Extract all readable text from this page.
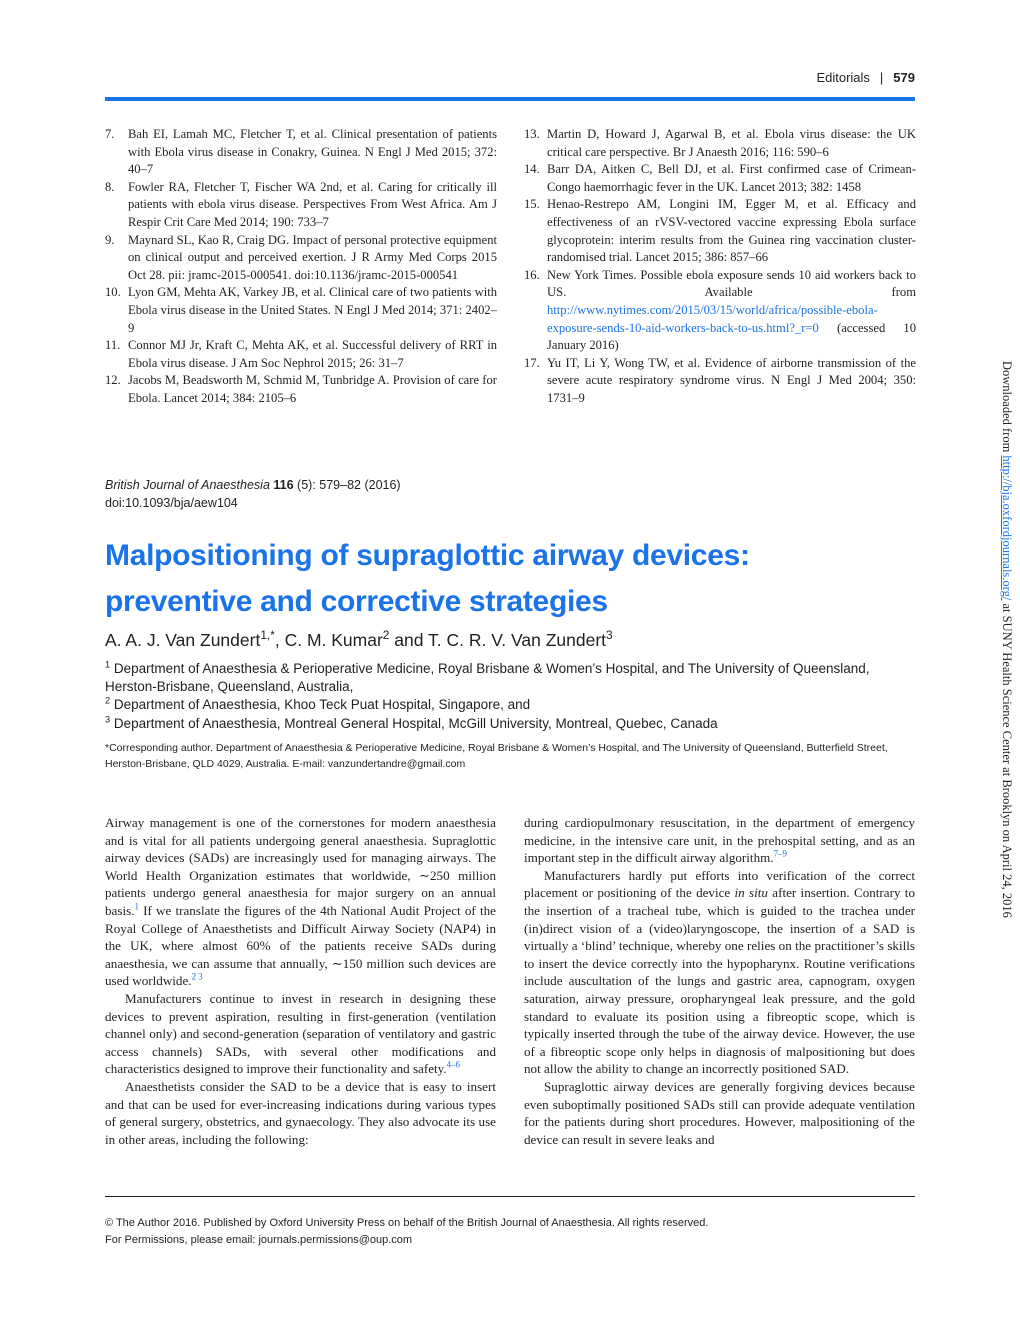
Editorials | 579
7.	Bah EI, Lamah MC, Fletcher T, et al. Clinical presentation of patients with Ebola virus disease in Conakry, Guinea. N Engl J Med 2015; 372: 40–7
8.	Fowler RA, Fletcher T, Fischer WA 2nd, et al. Caring for critically ill patients with ebola virus disease. Perspectives From West Africa. Am J Respir Crit Care Med 2014; 190: 733–7
9.	Maynard SL, Kao R, Craig DG. Impact of personal protective equipment on clinical output and perceived exertion. J R Army Med Corps 2015 Oct 28. pii: jramc-2015-000541. doi:10.1136/jramc-2015-000541
10. Lyon GM, Mehta AK, Varkey JB, et al. Clinical care of two patients with Ebola virus disease in the United States. N Engl J Med 2014; 371: 2402–9
11. Connor MJ Jr, Kraft C, Mehta AK, et al. Successful delivery of RRT in Ebola virus disease. J Am Soc Nephrol 2015; 26: 31–7
12. Jacobs M, Beadsworth M, Schmid M, Tunbridge A. Provision of care for Ebola. Lancet 2014; 384: 2105–6
13. Martin D, Howard J, Agarwal B, et al. Ebola virus disease: the UK critical care perspective. Br J Anaesth 2016; 116: 590–6
14. Barr DA, Aitken C, Bell DJ, et al. First confirmed case of Crimean-Congo haemorrhagic fever in the UK. Lancet 2013; 382: 1458
15. Henao-Restrepo AM, Longini IM, Egger M, et al. Efficacy and effectiveness of an rVSV-vectored vaccine expressing Ebola surface glycoprotein: interim results from the Guinea ring vaccination cluster-randomised trial. Lancet 2015; 386: 857–66
16. New York Times. Possible ebola exposure sends 10 aid workers back to US. Available from http://www.nytimes.com/2015/03/15/world/africa/possible-ebola-exposure-sends-10-aid-workers-back-to-us.html?_r=0 (accessed 10 January 2016)
17. Yu IT, Li Y, Wong TW, et al. Evidence of airborne transmission of the severe acute respiratory syndrome virus. N Engl J Med 2004; 350: 1731–9
British Journal of Anaesthesia 116 (5): 579–82 (2016)
doi:10.1093/bja/aew104
Malpositioning of supraglottic airway devices:
preventive and corrective strategies
A. A. J. Van Zundert$^{1,*}$, C. M. Kumar$^2$ and T. C. R. V. Van Zundert$^3$
$^1$ Department of Anaesthesia & Perioperative Medicine, Royal Brisbane & Women’s Hospital, and The University of Queensland, Herston-Brisbane, Queensland, Australia,
$^2$ Department of Anaesthesia, Khoo Teck Puat Hospital, Singapore, and
$^3$ Department of Anaesthesia, Montreal General Hospital, McGill University, Montreal, Quebec, Canada
*Corresponding author. Department of Anaesthesia & Perioperative Medicine, Royal Brisbane & Women’s Hospital, and The University of Queensland, Butterfield Street, Herston-Brisbane, QLD 4029, Australia. E-mail: vanzundertandre@gmail.com

Airway management is one of the cornerstones for modern anaesthesia and is vital for all patients undergoing general anaesthesia. Supraglottic airway devices (SADs) are increasingly used for managing airways. The World Health Organization estimates that worldwide, ∼250 million patients undergo general anaesthesia for major surgery on an annual basis.$^1$ If we translate the figures of the 4th National Audit Project of the Royal College of Anaesthetists and Difficult Airway Society (NAP4) in the UK, where almost 60% of the patients receive SADs during anaesthesia, we can assume that annually, ∼150 million such devices are used worldwide.$^{2 3}$

Manufacturers continue to invest in research in designing these devices to prevent aspiration, resulting in first-generation (ventilation channel only) and second-generation (separation of ventilatory and gastric access channels) SADs, with several other modifications and characteristics designed to improve their functionality and safety.$^{4-6}$

Anaesthetists consider the SAD to be a device that is easy to insert and that can be used for ever-increasing indications during various types of general surgery, obstetrics, and gynaecology. They also advocate its use in other areas, including the following:

during cardiopulmonary resuscitation, in the department of emergency medicine, in the intensive care unit, in the prehospital setting, and as an important step in the difficult airway algorithm.$^{7-9}$

Manufacturers hardly put efforts into verification of the correct placement or positioning of the device in situ after insertion. Contrary to the insertion of a tracheal tube, which is guided to the trachea under (in)direct vision of a (video)laryngoscope, the insertion of a SAD is virtually a ‘blind’ technique, whereby one relies on the practitioner’s skills to insert the device correctly into the hypopharynx. Routine verifications include auscultation of the lungs and gastric area, capnogram, oxygen saturation, airway pressure, oropharyngeal leak pressure, and the gold standard to evaluate its position using a fibreoptic scope, which is typically inserted through the tube of the airway device. However, the use of a fibreoptic scope only helps in diagnosis of malpositioning but does not allow the ability to change an incorrectly positioned SAD.

Supraglottic airway devices are generally forgiving devices because even suboptimally positioned SADs still can provide adequate ventilation for the patients during short procedures. However, malpositioning of the device can result in severe leaks and

© The Author 2016. Published by Oxford University Press on behalf of the British Journal of Anaesthesia. All rights reserved.
For Permissions, please email: journals.permissions@oup.com
Downloaded from http://bja.oxfordjournals.org/ at SUNY Health Science Center at Brooklyn on April 24, 2016
